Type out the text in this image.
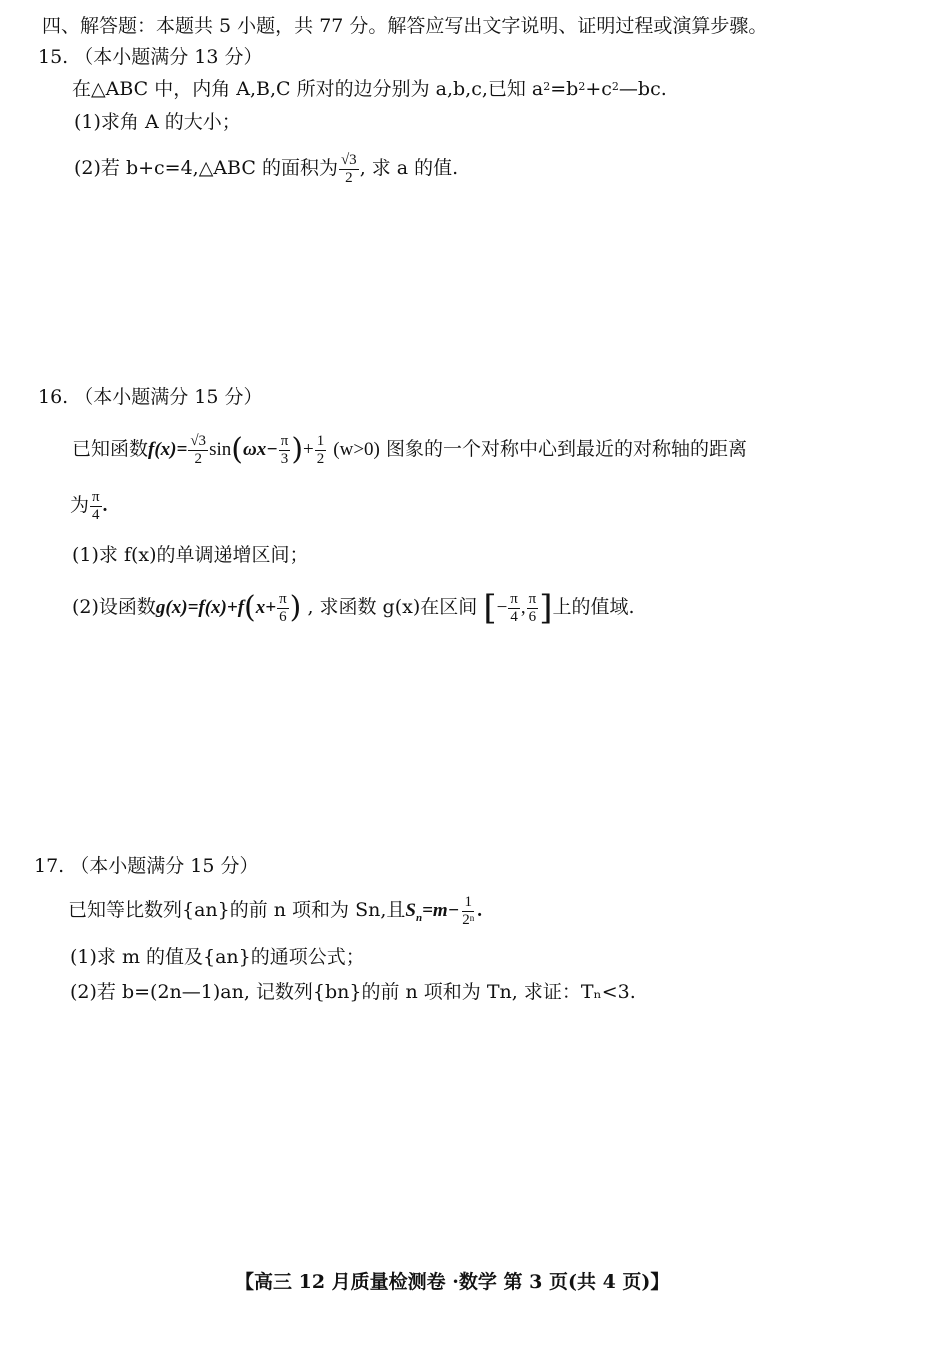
四、解答题：本题共 5 小题，共 77 分。解答应写出文字说明、证明过程或演算步骤。
15. （本小题满分 13 分）
在△ABC 中，内角 A,B,C 所对的边分别为 a,b,c,已知 $a^2=b^2+c^2—bc$.
(1)求角 A 的大小；
(2)若 b+c=4,△ABC 的面积为 $\frac{√3}{2}$ , 求 a 的值.
16. （本小题满分 15 分）
已知函数$f(x)= \frac{√3}{2} \sin(\omega x- \frac{\pi}{3}$ )+ $\frac{1}{2} (w>0)$ 图象的一个对称中心到最近的对称轴的距离
为 $\frac{\pi}{4}$ .
(1)求 f(x)的单调递增区间；
(2)设函数$g(x)=f(x)+f(x+ \frac{\pi}{6}$ ) , 求函数 g(x)在区间 [− $\frac{\pi}{4}$ , $\frac{\pi}{6}$ ]上的值域.
17. （本小题满分 15 分）
已知等比数列{an}的前 n 项和为 Sn,且$S_n=m- \frac{1}{2^n}$ .
(1)求 m 的值及{an}的通项公式；
(2)若 b=(2n—1)an, 记数列{bn}的前 n 项和为 Tn, 求证：Tₙ<3.
【高三 12 月质量检测卷 ·数学 第 3 页(共 4 页)】
